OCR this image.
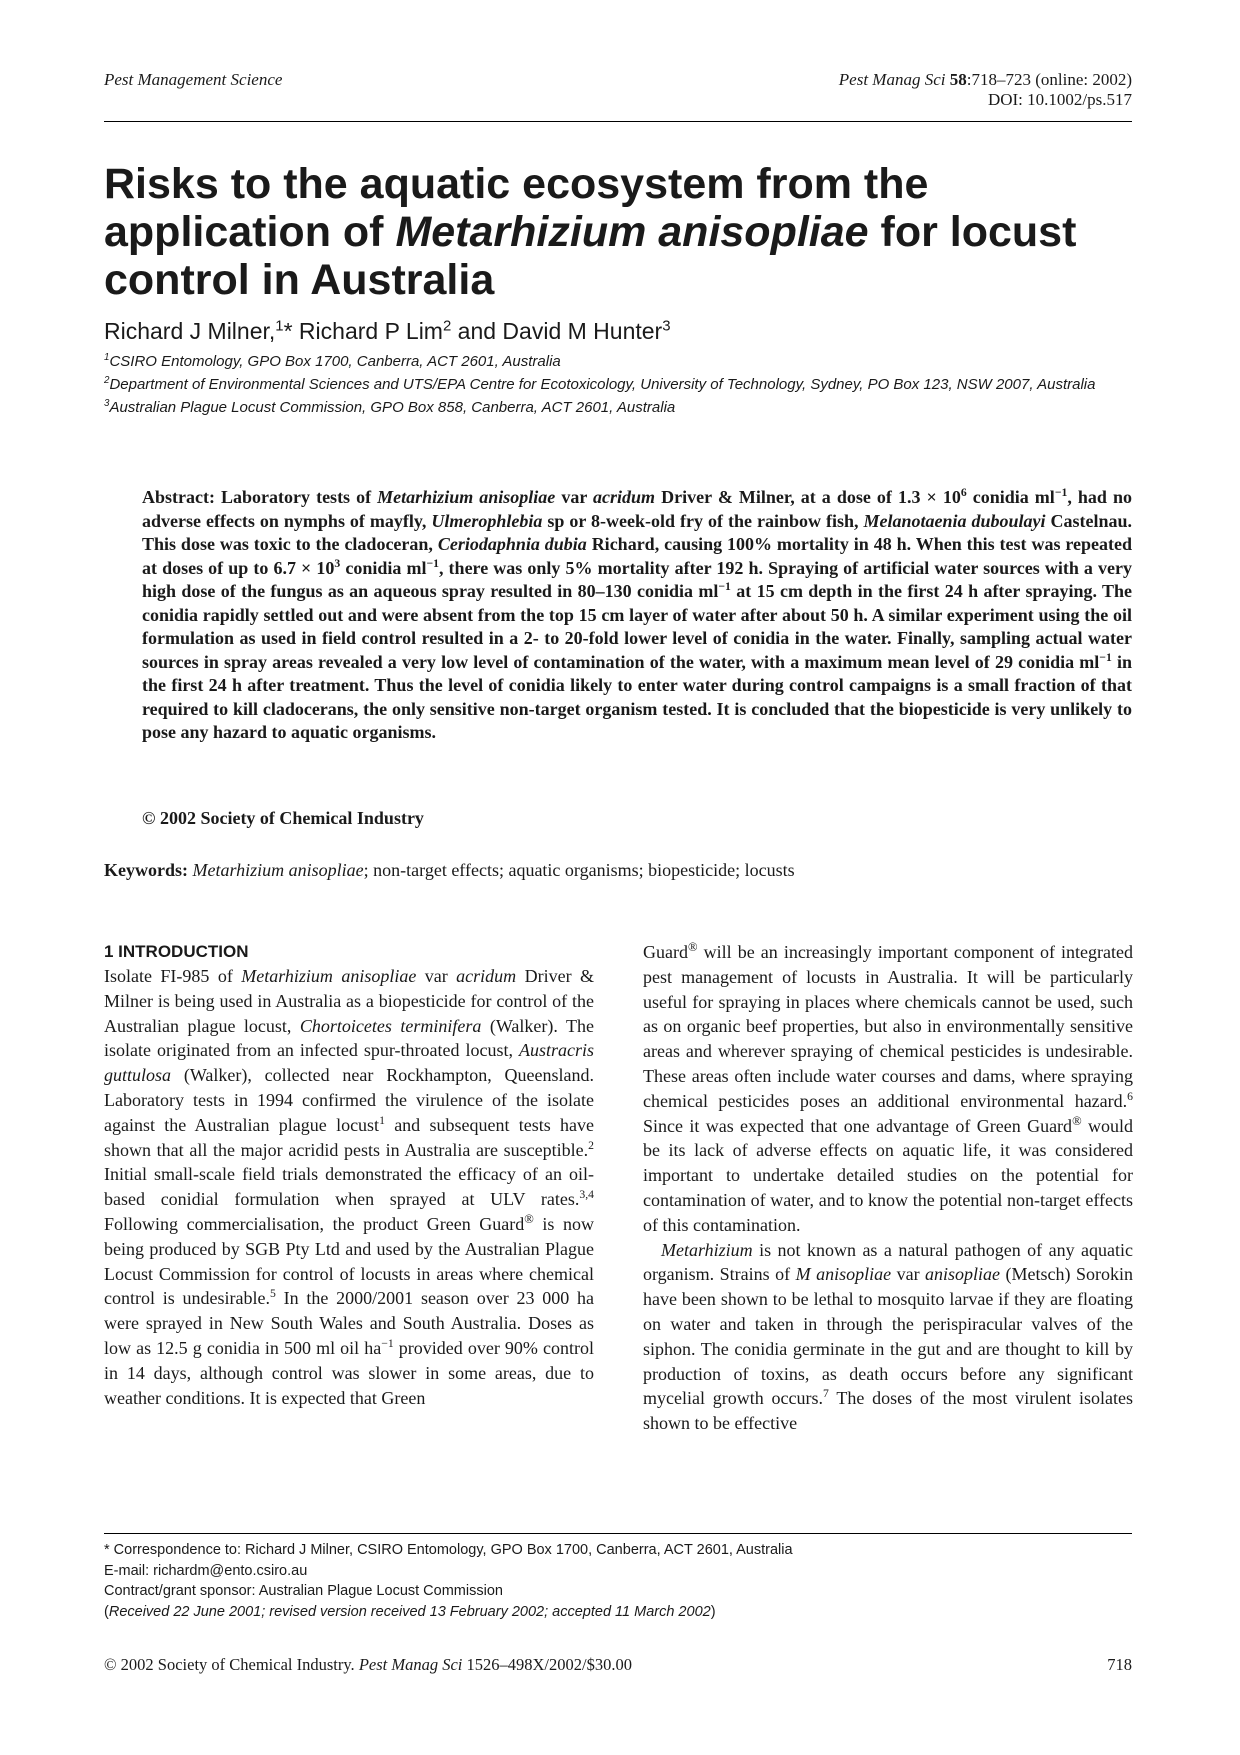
Pest Management Science	Pest Manag Sci 58:718–723 (online: 2002)
DOI: 10.1002/ps.517
Risks to the aquatic ecosystem from the application of Metarhizium anisopliae for locust control in Australia
Richard J Milner,$^1$* Richard P Lim$^2$ and David M Hunter$^3$
$^1$CSIRO Entomology, GPO Box 1700, Canberra, ACT 2601, Australia
$^2$Department of Environmental Sciences and UTS/EPA Centre for Ecotoxicology, University of Technology, Sydney, PO Box 123, NSW 2007, Australia
$^3$Australian Plague Locust Commission, GPO Box 858, Canberra, ACT 2601, Australia
Abstract: Laboratory tests of Metarhizium anisopliae var acridum Driver & Milner, at a dose of $1.3 \times 10^6$ conidia $ml^{-1}$, had no adverse effects on nymphs of mayfly, Ulmerophlebia sp or 8-week-old fry of the rainbow fish, Melanotaenia duboulayi Castelnau. This dose was toxic to the cladoceran, Ceriodaphnia dubia Richard, causing 100% mortality in 48 h. When this test was repeated at doses of up to $6.7 \times 10^3$ conidia $ml^{-1}$, there was only 5% mortality after 192 h. Spraying of artificial water sources with a very high dose of the fungus as an aqueous spray resulted in 80–130 conidia $ml^{-1}$ at 15 cm depth in the first 24 h after spraying. The conidia rapidly settled out and were absent from the top 15 cm layer of water after about 50 h. A similar experiment using the oil formulation as used in field control resulted in a 2- to 20-fold lower level of conidia in the water. Finally, sampling actual water sources in spray areas revealed a very low level of contamination of the water, with a maximum mean level of 29 conidia $ml^{-1}$ in the first 24 h after treatment. Thus the level of conidia likely to enter water during control campaigns is a small fraction of that required to kill cladocerans, the only sensitive non-target organism tested. It is concluded that the biopesticide is very unlikely to pose any hazard to aquatic organisms.
© 2002 Society of Chemical Industry
Keywords: Metarhizium anisopliae; non-target effects; aquatic organisms; biopesticide; locusts

1 INTRODUCTION

Isolate FI-985 of Metarhizium anisopliae var acridum Driver & Milner is being used in Australia as a biopesticide for control of the Australian plague locust, Chortoicetes terminifera (Walker). The isolate originated from an infected spur-throated locust, Austracris guttulosa (Walker), collected near Rockhampton, Queensland. Laboratory tests in 1994 confirmed the virulence of the isolate against the Australian plague locust$^1$ and subsequent tests have shown that all the major acridid pests in Australia are susceptible.$^2$ Initial small-scale field trials demonstrated the efficacy of an oil-based conidial formulation when sprayed at ULV rates.$^{3,4}$ Following commercialisation, the product Green Guard® is now being produced by SGB Pty Ltd and used by the Australian Plague Locust Commission for control of locusts in areas where chemical control is undesirable.$^5$ In the 2000/2001 season over 23 000 ha were sprayed in New South Wales and South Australia. Doses as low as 12.5 g conidia in 500 ml oil $ha^{-1}$ provided over 90% control in 14 days, although control was slower in some areas, due to weather conditions. It is expected that Green

Guard® will be an increasingly important component of integrated pest management of locusts in Australia. It will be particularly useful for spraying in places where chemicals cannot be used, such as on organic beef properties, but also in environmentally sensitive areas and wherever spraying of chemical pesticides is undesirable. These areas often include water courses and dams, where spraying chemical pesticides poses an additional environmental hazard.$^6$ Since it was expected that one advantage of Green Guard® would be its lack of adverse effects on aquatic life, it was considered important to undertake detailed studies on the potential for contamination of water, and to know the potential non-target effects of this contamination.

Metarhizium is not known as a natural pathogen of any aquatic organism. Strains of M anisopliae var anisopliae (Metsch) Sorokin have been shown to be lethal to mosquito larvae if they are floating on water and taken in through the perispiracular valves of the siphon. The conidia germinate in the gut and are thought to kill by production of toxins, as death occurs before any significant mycelial growth occurs.$^7$ The doses of the most virulent isolates shown to be effective

* Correspondence to: Richard J Milner, CSIRO Entomology, GPO Box 1700, Canberra, ACT 2601, Australia
E-mail: richardm@ento.csiro.au
Contract/grant sponsor: Australian Plague Locust Commission
(Received 22 June 2001; revised version received 13 February 2002; accepted 11 March 2002)
© 2002 Society of Chemical Industry. Pest Manag Sci 1526–498X/2002/$30.00	718
